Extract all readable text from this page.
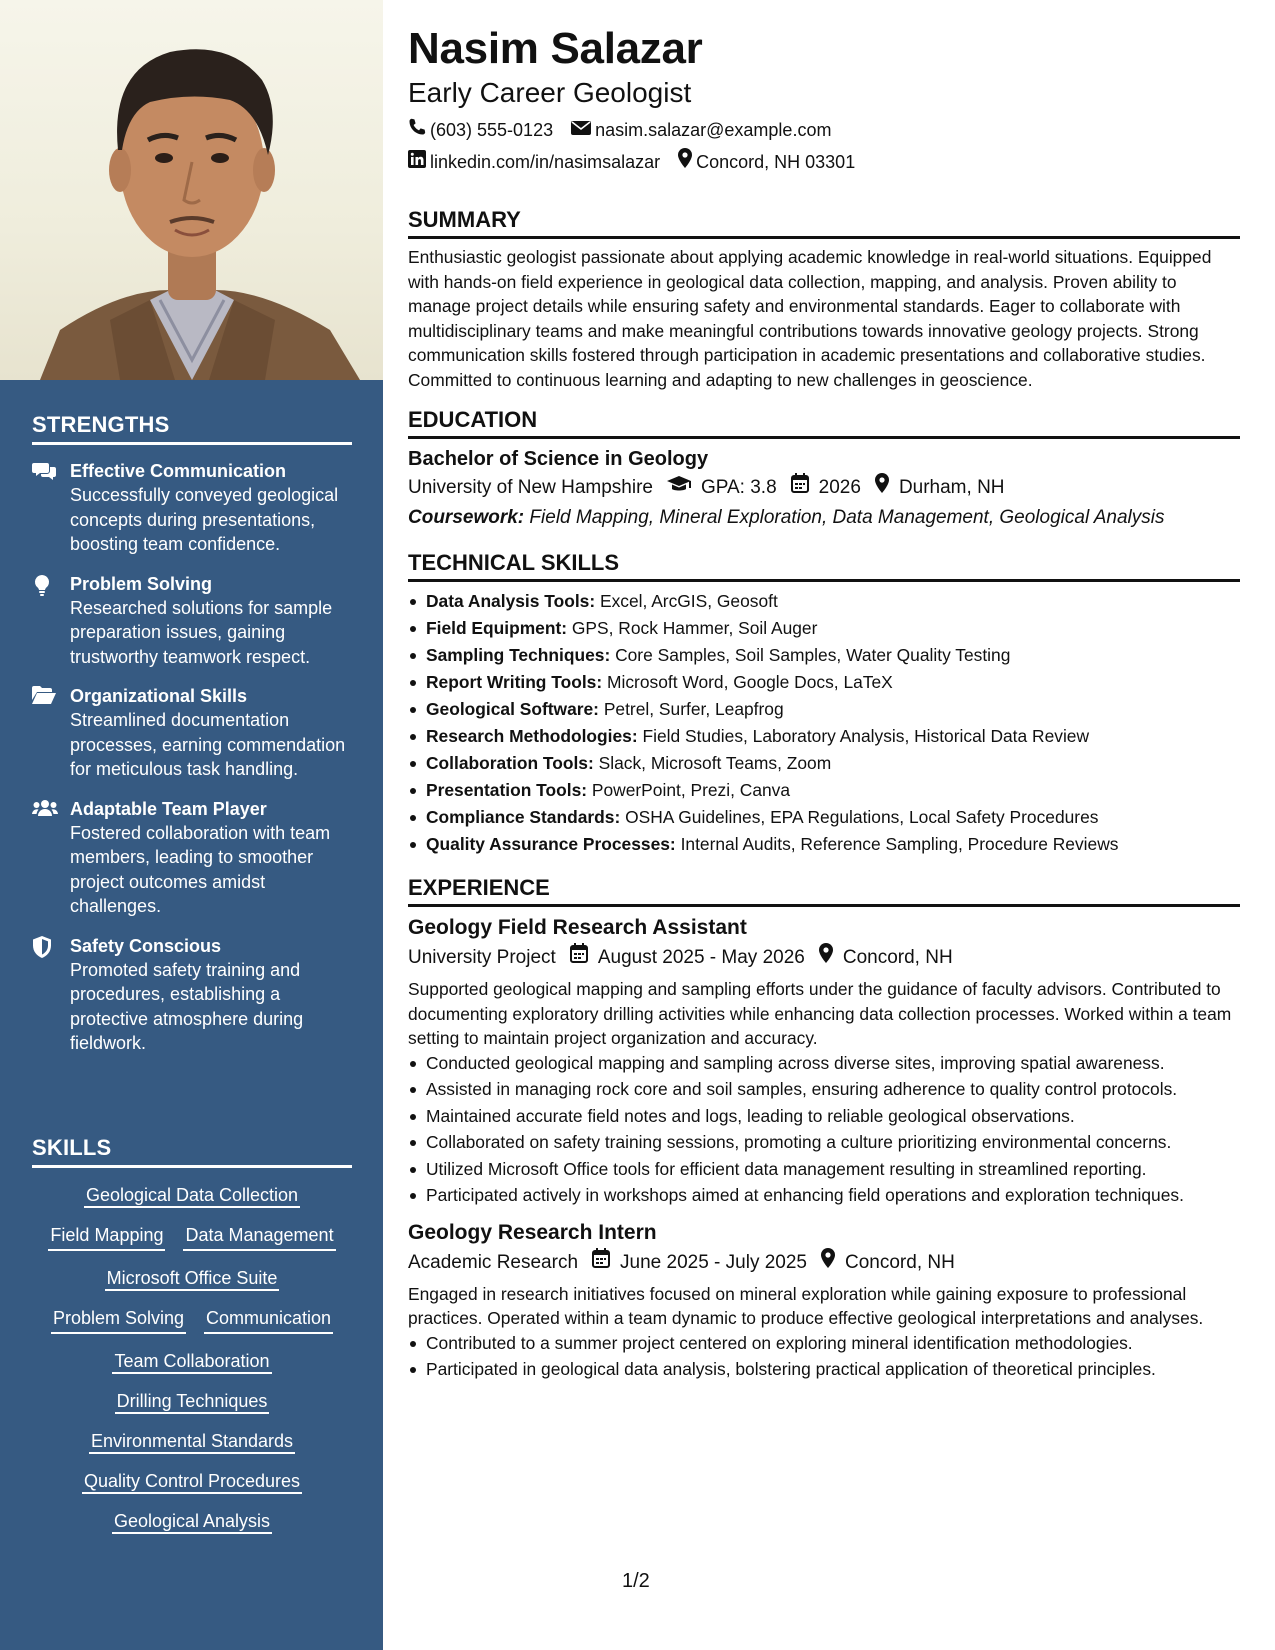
STRENGTHS
Effective Communication
Successfully conveyed geological concepts during presentations, boosting team confidence.
Problem Solving
Researched solutions for sample preparation issues, gaining trustworthy teamwork respect.
Organizational Skills
Streamlined documentation processes, earning commendation for meticulous task handling.
Adaptable Team Player
Fostered collaboration with team members, leading to smoother project outcomes amidst challenges.
Safety Conscious
Promoted safety training and procedures, establishing a protective atmosphere during fieldwork.
SKILLS
Geological Data Collection
Field Mapping Data Management
Microsoft Office Suite
Problem Solving Communication
Team Collaboration
Drilling Techniques
Environmental Standards
Quality Control Procedures
Geological Analysis
Nasim Salazar
Early Career Geologist
(603) 555-0123 nasim.salazar@example.com
linkedin.com/in/nasimsalazar Concord, NH 03301
SUMMARY
Enthusiastic geologist passionate about applying academic knowledge in real-world situations. Equipped with hands-on field experience in geological data collection, mapping, and analysis. Proven ability to manage project details while ensuring safety and environmental standards. Eager to collaborate with multidisciplinary teams and make meaningful contributions towards innovative geology projects. Strong communication skills fostered through participation in academic presentations and collaborative studies. Committed to continuous learning and adapting to new challenges in geoscience.
EDUCATION
Bachelor of Science in Geology
University of New Hampshire	GPA: 3.8 2026 Durham, NH
Coursework: Field Mapping, Mineral Exploration, Data Management, Geological Analysis
TECHNICAL SKILLS
Data Analysis Tools: Excel, ArcGIS, Geosoft
Field Equipment: GPS, Rock Hammer, Soil Auger
Sampling Techniques: Core Samples, Soil Samples, Water Quality Testing
Report Writing Tools: Microsoft Word, Google Docs, LaTeX
Geological Software: Petrel, Surfer, Leapfrog
Research Methodologies: Field Studies, Laboratory Analysis, Historical Data Review
Collaboration Tools: Slack, Microsoft Teams, Zoom
Presentation Tools: PowerPoint, Prezi, Canva
Compliance Standards: OSHA Guidelines, EPA Regulations, Local Safety Procedures
Quality Assurance Processes: Internal Audits, Reference Sampling, Procedure Reviews
EXPERIENCE
Geology Field Research Assistant
University Project August 2025 - May 2026 Concord, NH
Supported geological mapping and sampling efforts under the guidance of faculty advisors. Contributed to documenting exploratory drilling activities while enhancing data collection processes. Worked within a team setting to maintain project organization and accuracy.
Conducted geological mapping and sampling across diverse sites, improving spatial awareness.
Assisted in managing rock core and soil samples, ensuring adherence to quality control protocols.
Maintained accurate field notes and logs, leading to reliable geological observations.
Collaborated on safety training sessions, promoting a culture prioritizing environmental concerns.
Utilized Microsoft Office tools for efficient data management resulting in streamlined reporting.
Participated actively in workshops aimed at enhancing field operations and exploration techniques.
Geology Research Intern
Academic Research June 2025 - July 2025 Concord, NH
Engaged in research initiatives focused on mineral exploration while gaining exposure to professional practices. Operated within a team dynamic to produce effective geological interpretations and analyses.
Contributed to a summer project centered on exploring mineral identification methodologies.
Participated in geological data analysis, bolstering practical application of theoretical principles.
1/2
